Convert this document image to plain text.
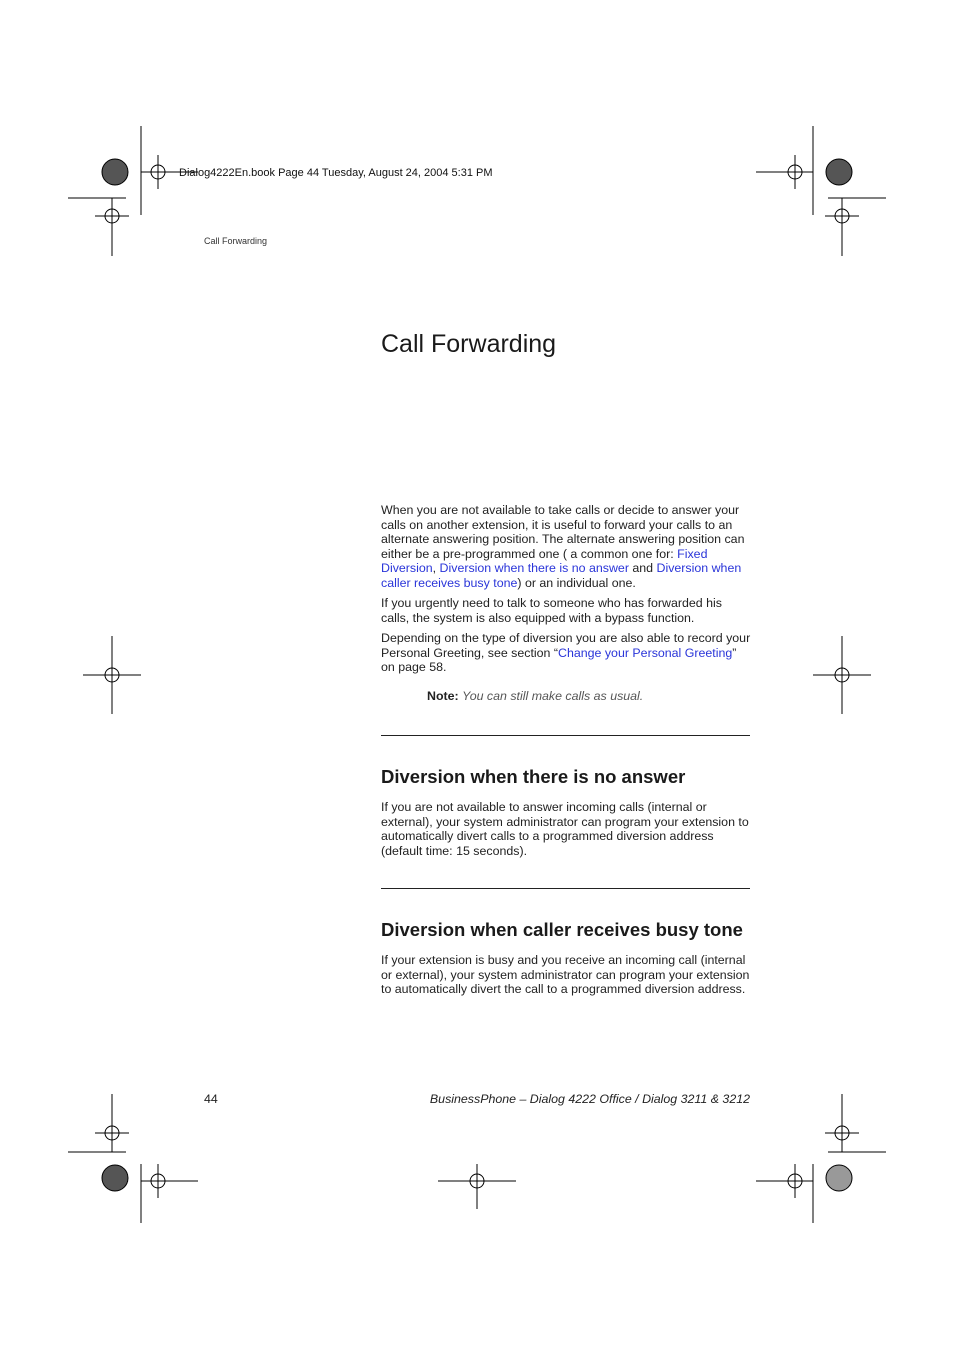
Dialog4222En.book Page 44 Tuesday, August 24, 2004 5:31 PM
Call Forwarding
Call Forwarding

When you are not available to take calls or decide to answer your calls on another extension, it is useful to forward your calls to an alternate answering position. The alternate answering position can either be a pre-programmed one ( a common one for: Fixed Diversion, Diversion when there is no answer and Diversion when caller receives busy tone) or an individual one.

If you urgently need to talk to someone who has forwarded his calls, the system is also equipped with a bypass function.

Depending on the type of diversion you are also able to record your Personal Greeting, see section “Change your Personal Greeting” on page 58.

Note: You can still make calls as usual.
Diversion when there is no answer
If you are not available to answer incoming calls (internal or external), your system administrator can program your extension to automatically divert calls to a programmed diversion address (default time: 15 seconds).
Diversion when caller receives busy tone
If your extension is busy and you receive an incoming call (internal or external), your system administrator can program your extension to automatically divert the call to a programmed diversion address.
44	BusinessPhone – Dialog 4222 Office / Dialog 3211 & 3212
